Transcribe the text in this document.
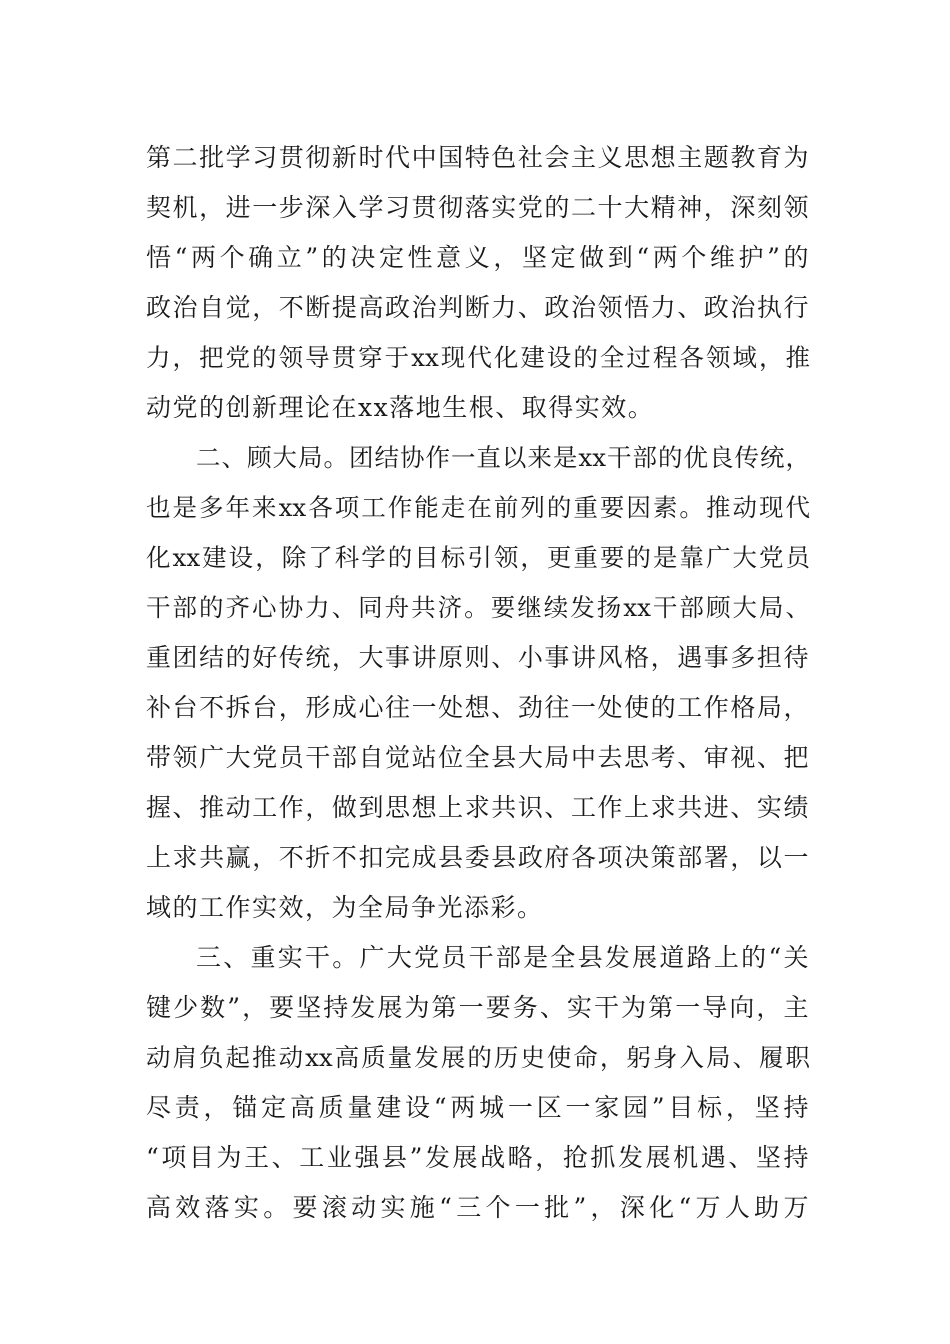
第二批学习贯彻新时代中国特色社会主义思想主题教育为
契机，进一步深入学习贯彻落实党的二十大精神，深刻领
悟“两个确立”的决定性意义，坚定做到“两个维护”的
政治自觉，不断提高政治判断力、政治领悟力、政治执行
力，把党的领导贯穿于xx现代化建设的全过程各领域，推
动党的创新理论在xx落地生根、取得实效。
二、顾大局。团结协作一直以来是xx干部的优良传统，
也是多年来xx各项工作能走在前列的重要因素。推动现代
化xx建设，除了科学的目标引领，更重要的是靠广大党员
干部的齐心协力、同舟共济。要继续发扬xx干部顾大局、
重团结的好传统，大事讲原则、小事讲风格，遇事多担待
补台不拆台，形成心往一处想、劲往一处使的工作格局，
带领广大党员干部自觉站位全县大局中去思考、审视、把
握、推动工作，做到思想上求共识、工作上求共进、实绩
上求共赢，不折不扣完成县委县政府各项决策部署，以一
域的工作实效，为全局争光添彩。
三、重实干。广大党员干部是全县发展道路上的“关
键少数”，要坚持发展为第一要务、实干为第一导向，主
动肩负起推动xx高质量发展的历史使命，躬身入局、履职
尽责，锚定高质量建设“两城一区一家园”目标，坚持
“项目为王、工业强县”发展战略，抢抓发展机遇、坚持
高效落实。要滚动实施“三个一批”，深化“万人助万
